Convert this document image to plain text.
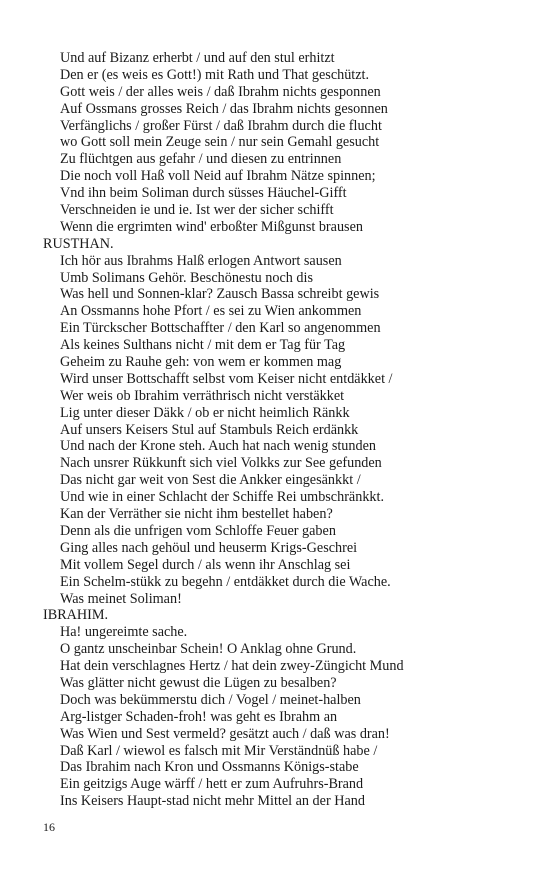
Und auf Bizanz erherbt / und auf den stul erhitzt
Den er (es weis es Gott!) mit Rath und That geschützt.
Gott weis / der alles weis / daß Ibrahm nichts gesponnen
Auf Ossmans grosses Reich / das Ibrahm nichts gesonnen
Verfänglichs / großer Fürst / daß Ibrahm durch die flucht
wo Gott soll mein Zeuge sein / nur sein Gemahl gesucht
Zu flüchtgen aus gefahr / und diesen zu entrinnen
Die noch voll Haß voll Neid auf Ibrahm Nätze spinnen;
Vnd ihn beim Soliman durch süsses Häuchel-Gifft
Verschneiden ie und ie. Ist wer der sicher schifft
Wenn die ergrimten wind' erboßter Mißgunst brausen
RUSTHAN.
Ich hör aus Ibrahms Halß erlogen Antwort sausen
Umb Solimans Gehör. Beschönestu noch dis
Was hell und Sonnen-klar? Zausch Bassa schreibt gewis
An Ossmanns hohe Pfort / es sei zu Wien ankommen
Ein Türckscher Bottschaffter / den Karl so angenommen
Als keines Sulthans nicht / mit dem er Tag für Tag
Geheim zu Rauhe geh: von wem er kommen mag
Wird unser Bottschafft selbst vom Keiser nicht entdäkket /
Wer weis ob Ibrahim verräthrisch nicht verstäkket
Lig unter dieser Däkk / ob er nicht heimlich Ränkk
Auf unsers Keisers Stul auf Stambuls Reich erdänkk
Und nach der Krone steh. Auch hat nach wenig stunden
Nach unsrer Rükkunft sich viel Volkks zur See gefunden
Das nicht gar weit von Sest die Ankker eingesänkkt /
Und wie in einer Schlacht der Schiffe Rei umbschränkkt.
Kan der Verräther sie nicht ihm bestellet haben?
Denn als die unfrigen vom Schloffe Feuer gaben
Ging alles nach gehöul und heuserm Krigs-Geschrei
Mit vollem Segel durch / als wenn ihr Anschlag sei
Ein Schelm-stükk zu begehn / entdäkket durch die Wache.
Was meinet Soliman!
IBRAHIM.
Ha! ungereimte sache.
O gantz unscheinbar Schein! O Anklag ohne Grund.
Hat dein verschlagnes Hertz / hat dein zwey-Züngicht Mund
Was glätter nicht gewust die Lügen zu besalben?
Doch was bekümmerstu dich / Vogel / meinet-halben
Arg-listger Schaden-froh! was geht es Ibrahm an
Was Wien und Sest vermeld? gesätzt auch / daß was dran!
Daß Karl / wiewol es falsch mit Mir Verständnüß habe /
Das Ibrahim nach Kron und Ossmanns Königs-stabe
Ein geitzigs Auge wärff / hett er zum Aufruhrs-Brand
Ins Keisers Haupt-stad nicht mehr Mittel an der Hand
16
